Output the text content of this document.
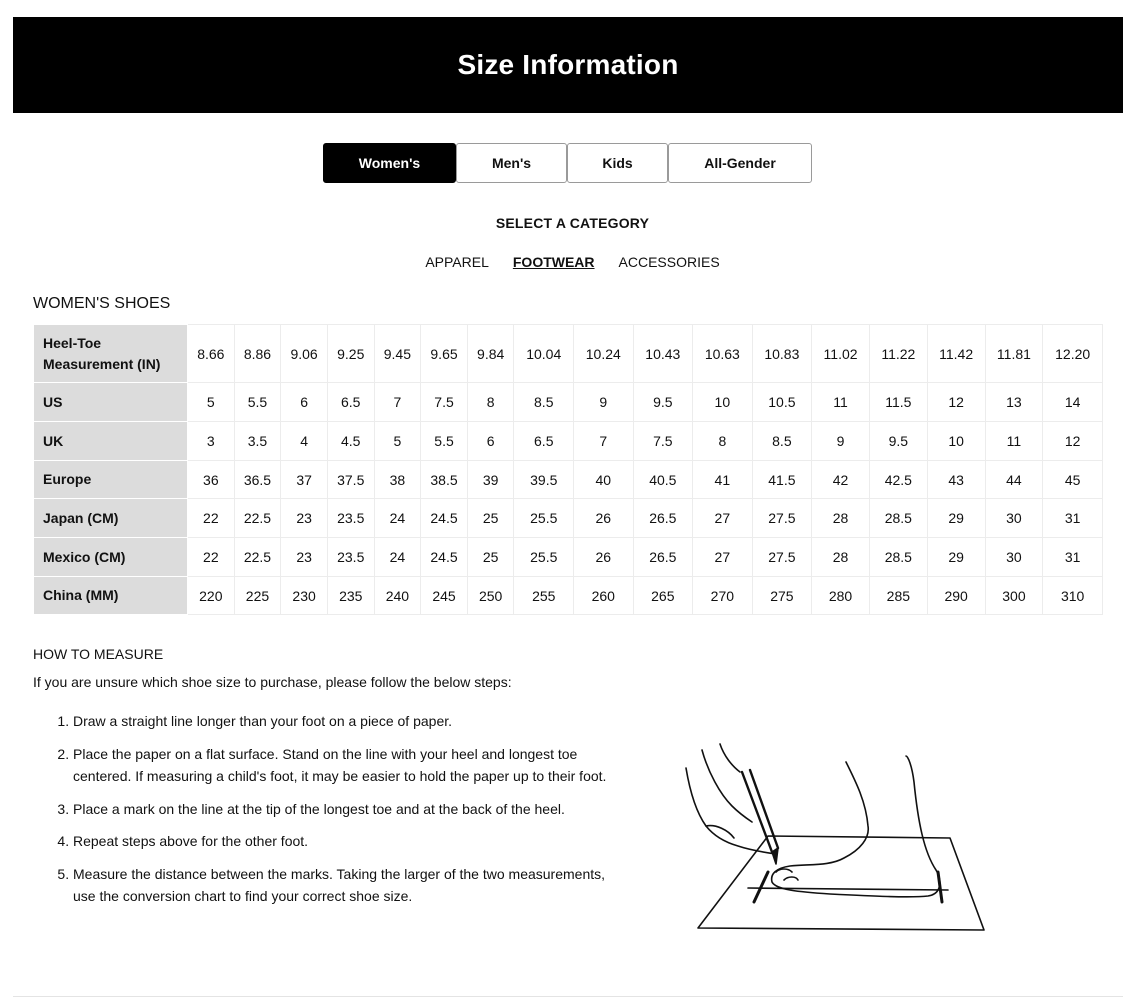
Size Information
Women's	Men's	Kids	All-Gender
SELECT A CATEGORY
APPAREL FOOTWEAR ACCESSORIES
WOMEN'S SHOES
Heel-Toe Measurement (IN)	8.66	8.86	9.06	9.25	9.45	9.65	9.84	10.04	10.24	10.43	10.63	10.83	11.02	11.22	11.42	11.81	12.20
US	5	5.5	6	6.5	7	7.5	8	8.5	9	9.5	10	10.5	11	11.5	12	13	14
UK	3	3.5	4	4.5	5	5.5	6	6.5	7	7.5	8	8.5	9	9.5	10	11	12
Europe	36	36.5	37	37.5	38	38.5	39	39.5	40	40.5	41	41.5	42	42.5	43	44	45
Japan (CM)	22	22.5	23	23.5	24	24.5	25	25.5	26	26.5	27	27.5	28	28.5	29	30	31
Mexico (CM)	22	22.5	23	23.5	24	24.5	25	25.5	26	26.5	27	27.5	28	28.5	29	30	31
China (MM)	220	225	230	235	240	245	250	255	260	265	270	275	280	285	290	300	310
HOW TO MEASURE
If you are unsure which shoe size to purchase, please follow the below steps:
1. Draw a straight line longer than your foot on a piece of paper.
2. Place the paper on a flat surface. Stand on the line with your heel and longest toe centered. If measuring a child's foot, it may be easier to hold the paper up to their foot.
3. Place a mark on the line at the tip of the longest toe and at the back of the heel.
4. Repeat steps above for the other foot.
5. Measure the distance between the marks. Taking the larger of the two measurements, use the conversion chart to find your correct shoe size.
